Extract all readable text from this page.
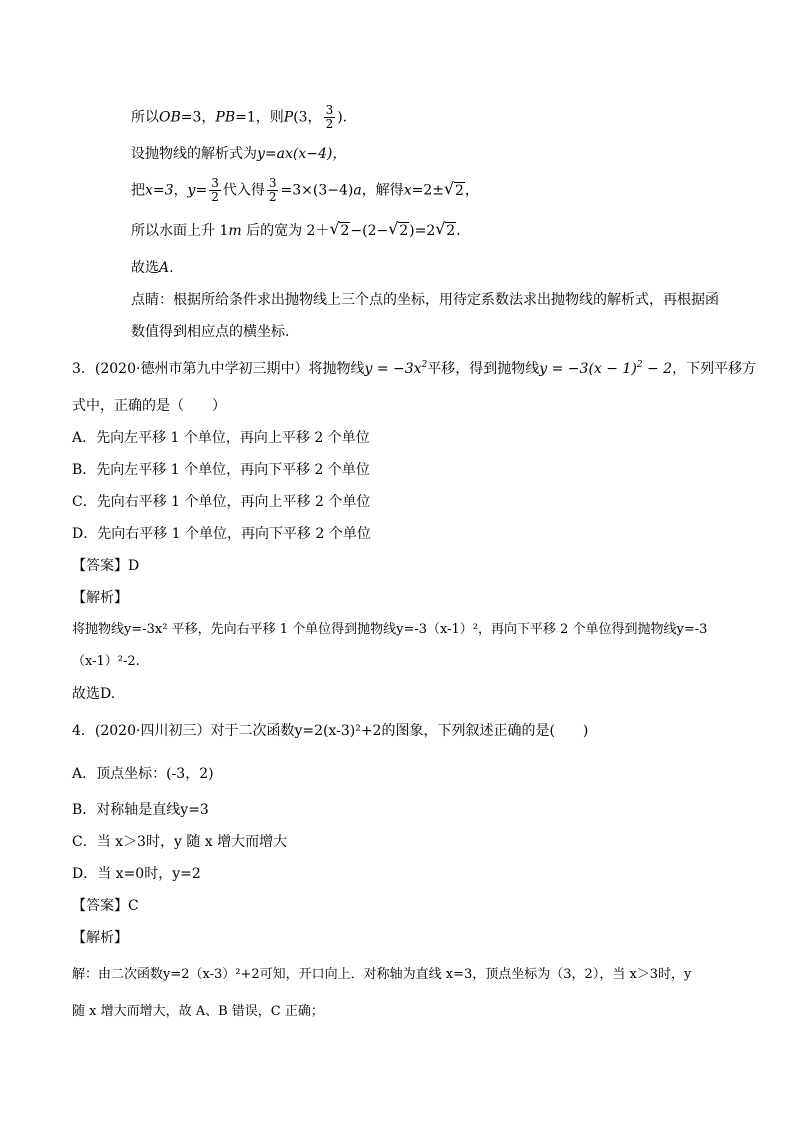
所以OB=3，PB=1，则P(3， $\frac{3}{2}$ ).
设抛物线的解析式为y=ax(x−4)，
把x=3，$y= \frac{3}{2}$ 代入得 $\frac{3}{2} =3\times(3-4)a$，解得x=2± √ 2，
所以水面上升 1m 后的宽为 2＋ √ 2−(2− √ 2)=2 √ 2.
故选A.
点睛：根据所给条件求出抛物线上三个点的坐标，用待定系数法求出抛物线的解析式，再根据函
数值得到相应点的横坐标.
3．(2020·德州市第九中学初三期中）将抛物线$y = -3x^2$平移，得到抛物线$y = -3(x - 1)^2 - 2$，下列平移方
式中，正确的是（　　）
A．先向左平移 1 个单位，再向上平移 2 个单位
B．先向左平移 1 个单位，再向下平移 2 个单位
C．先向右平移 1 个单位，再向上平移 2 个单位
D．先向右平移 1 个单位，再向下平移 2 个单位
【答案】D
【解析】
将抛物线y=-3x² 平移，先向右平移 1 个单位得到抛物线y=-3（x-1）²，再向下平移 2 个单位得到抛物线y=-3
（x-1）²-2.
故选D.
4．(2020·四川初三）对于二次函数y=2(x-3)²+2的图象，下列叙述正确的是(　　)
A．顶点坐标：(-3，2)
B．对称轴是直线y=3
C．当 x＞3时，y 随 x 增大而增大
D．当 x=0时，y=2
【答案】C
【解析】
解：由二次函数y=2（x-3）²+2可知，开口向上．对称轴为直线 x=3，顶点坐标为（3，2），当 x＞3时，y
随 x 增大而增大，故 A、B 错误，C 正确；
